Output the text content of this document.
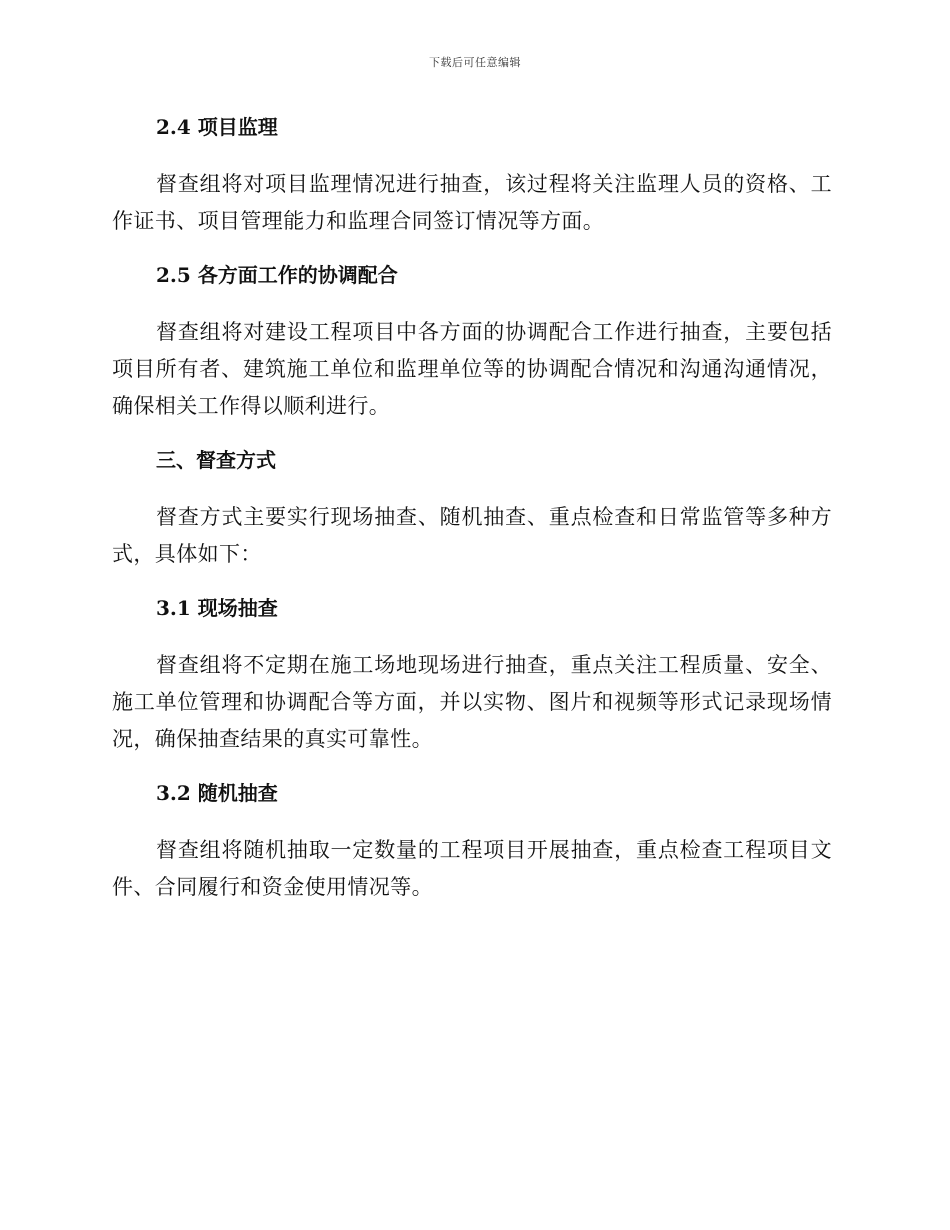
下载后可任意编辑
2.4 项目监理

督查组将对项目监理情况进行抽查，该过程将关注监理人员的资格、工作证书、项目管理能力和监理合同签订情况等方面。

2.5 各方面工作的协调配合

督查组将对建设工程项目中各方面的协调配合工作进行抽查，主要包括项目所有者、建筑施工单位和监理单位等的协调配合情况和沟通沟通情况，确保相关工作得以顺利进行。

三、督查方式

督查方式主要实行现场抽查、随机抽查、重点检查和日常监管等多种方式，具体如下：

3.1 现场抽查

督查组将不定期在施工场地现场进行抽查，重点关注工程质量、安全、施工单位管理和协调配合等方面，并以实物、图片和视频等形式记录现场情况，确保抽查结果的真实可靠性。

3.2 随机抽查

督查组将随机抽取一定数量的工程项目开展抽查，重点检查工程项目文件、合同履行和资金使用情况等。
